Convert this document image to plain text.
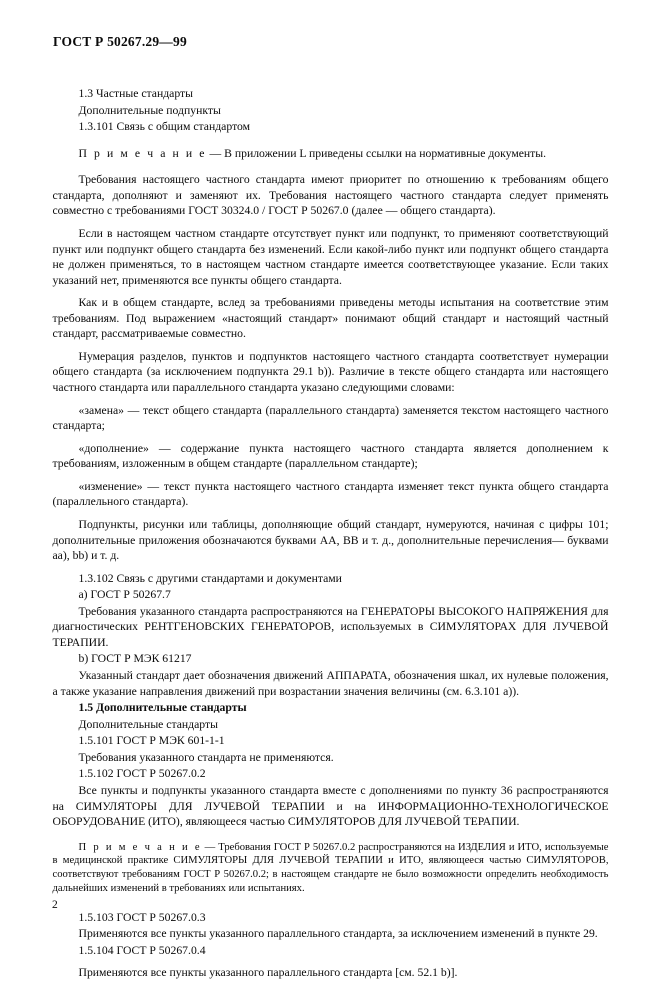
ГОСТ Р 50267.29—99

1.3 Частные стандарты

Дополнительные подпункты

1.3.101 Связь с общим стандартом

П р и м е ч а н и е — В приложении L приведены ссылки на нормативные документы.

Требования настоящего частного стандарта имеют приоритет по отношению к требованиям общего стандарта, дополняют и заменяют их. Требования настоящего частного стандарта следует применять совместно с требованиями ГОСТ 30324.0 / ГОСТ Р 50267.0 (далее — общего стандарта).

Если в настоящем частном стандарте отсутствует пункт или подпункт, то применяют соответствующий пункт или подпункт общего стандарта без изменений. Если какой-либо пункт или подпункт общего стандарта не должен применяться, то в настоящем частном стандарте имеется соответствующее указание. Если таких указаний нет, применяются все пункты общего стандарта.

Как и в общем стандарте, вслед за требованиями приведены методы испытания на соответствие этим требованиям. Под выражением «настоящий стандарт» понимают общий стандарт и настоящий частный стандарт, рассматриваемые совместно.

Нумерация разделов, пунктов и подпунктов настоящего частного стандарта соответствует нумерации общего стандарта (за исключением подпункта 29.1 b)). Различие в тексте общего стандарта или настоящего частного стандарта или параллельного стандарта указано следующими словами:

«замена» — текст общего стандарта (параллельного стандарта) заменяется текстом настоящего частного стандарта;

«дополнение» — содержание пункта настоящего частного стандарта является дополнением к требованиям, изложенным в общем стандарте (параллельном стандарте);

«изменение» — текст пункта настоящего частного стандарта изменяет текст пункта общего стандарта (параллельного стандарта).

Подпункты, рисунки или таблицы, дополняющие общий стандарт, нумеруются, начиная с цифры 101; дополнительные приложения обозначаются буквами АА, ВВ и т. д., дополнительные перечисления— буквами аа), bb) и т. д.

1.3.102 Связь с другими стандартами и документами

a) ГОСТ Р 50267.7

Требования указанного стандарта распространяются на ГЕНЕРАТОРЫ ВЫСОКОГО НАПРЯЖЕНИЯ для диагностических РЕНТГЕНОВСКИХ ГЕНЕРАТОРОВ, используемых в СИМУЛЯТОРАХ ДЛЯ ЛУЧЕВОЙ ТЕРАПИИ.

b) ГОСТ Р МЭК 61217

Указанный стандарт дает обозначения движений АППАРАТА, обозначения шкал, их нулевые положения, а также указание направления движений при возрастании значения величины (см. 6.3.101 а)).

1.5 Дополнительные стандарты

Дополнительные стандарты

1.5.101 ГОСТ Р МЭК 601-1-1

Требования указанного стандарта не применяются.

1.5.102 ГОСТ Р 50267.0.2

Все пункты и подпункты указанного стандарта вместе с дополнениями по пункту 36 распространяются на СИМУЛЯТОРЫ ДЛЯ ЛУЧЕВОЙ ТЕРАПИИ и на ИНФОРМАЦИОННО-ТЕХНОЛОГИЧЕСКОЕ ОБОРУДОВАНИЕ (ИТО), являющееся частью СИМУЛЯТОРОВ ДЛЯ ЛУЧЕВОЙ ТЕРАПИИ.

П р и м е ч а н и е — Требования ГОСТ Р 50267.0.2 распространяются на ИЗДЕЛИЯ и ИТО, используемые в медицинской практике СИМУЛЯТОРЫ ДЛЯ ЛУЧЕВОЙ ТЕРАПИИ и ИТО, являющееся частью СИМУЛЯТОРОВ, соответствуют требованиям ГОСТ Р 50267.0.2; в настоящем стандарте не было возможности определить необходимость дальнейших изменений в требованиях или испытаниях.

1.5.103 ГОСТ Р 50267.0.3

Применяются все пункты указанного параллельного стандарта, за исключением изменений в пункте 29.

1.5.104 ГОСТ Р 50267.0.4

Применяются все пункты указанного параллельного стандарта [см. 52.1 b)].

2
